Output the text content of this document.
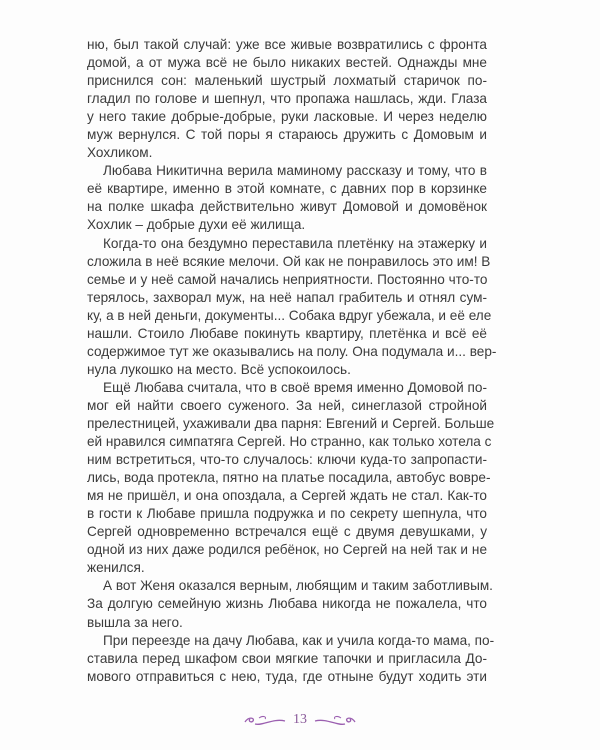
ню, был такой случай: уже все живые возвратились с фронта
домой, а от мужа всё не было никаких вестей. Однажды мне
приснился сон: маленький шустрый лохматый старичок по-
гладил по голове и шепнул, что пропажа нашлась, жди. Глаза
у него такие добрые-добрые, руки ласковые. И через неделю
муж вернулся. С той поры я стараюсь дружить с Домовым и
Хохликом.
Любава Никитична верила маминому рассказу и тому, что в
её квартире, именно в этой комнате, с давних пор в корзинке
на полке шкафа действительно живут Домовой и домовёнок
Хохлик – добрые духи её жилища.
Когда-то она бездумно переставила плетёнку на этажерку и
сложила в неё всякие мелочи. Ой как не понравилось это им! В
семье и у неё самой начались неприятности. Постоянно что-то
терялось, захворал муж, на неё напал грабитель и отнял сум-
ку, а в ней деньги, документы... Собака вдруг убежала, и её еле
нашли. Стоило Любаве покинуть квартиру, плетёнка и всё её
содержимое тут же оказывались на полу. Она подумала и... вер-
нула лукошко на место. Всё успокоилось.
Ещё Любава считала, что в своё время именно Домовой по-
мог ей найти своего суженого. За ней, синеглазой стройной
прелестницей, ухаживали два парня: Евгений и Сергей. Больше
ей нравился симпатяга Сергей. Но странно, как только хотела с
ним встретиться, что-то случалось: ключи куда-то запропасти-
лись, вода протекла, пятно на платье посадила, автобус вовре-
мя не пришёл, и она опоздала, а Сергей ждать не стал. Как-то
в гости к Любаве пришла подружка и по секрету шепнула, что
Сергей одновременно встречался ещё с двумя девушками, у
одной из них даже родился ребёнок, но Сергей на ней так и не
женился.
А вот Женя оказался верным, любящим и таким заботливым.
За долгую семейную жизнь Любава никогда не пожалела, что
вышла за него.
При переезде на дачу Любава, как и учила когда-то мама, по-
ставила перед шкафом свои мягкие тапочки и пригласила До-
мового отправиться с нею, туда, где отныне будут ходить эти
13
